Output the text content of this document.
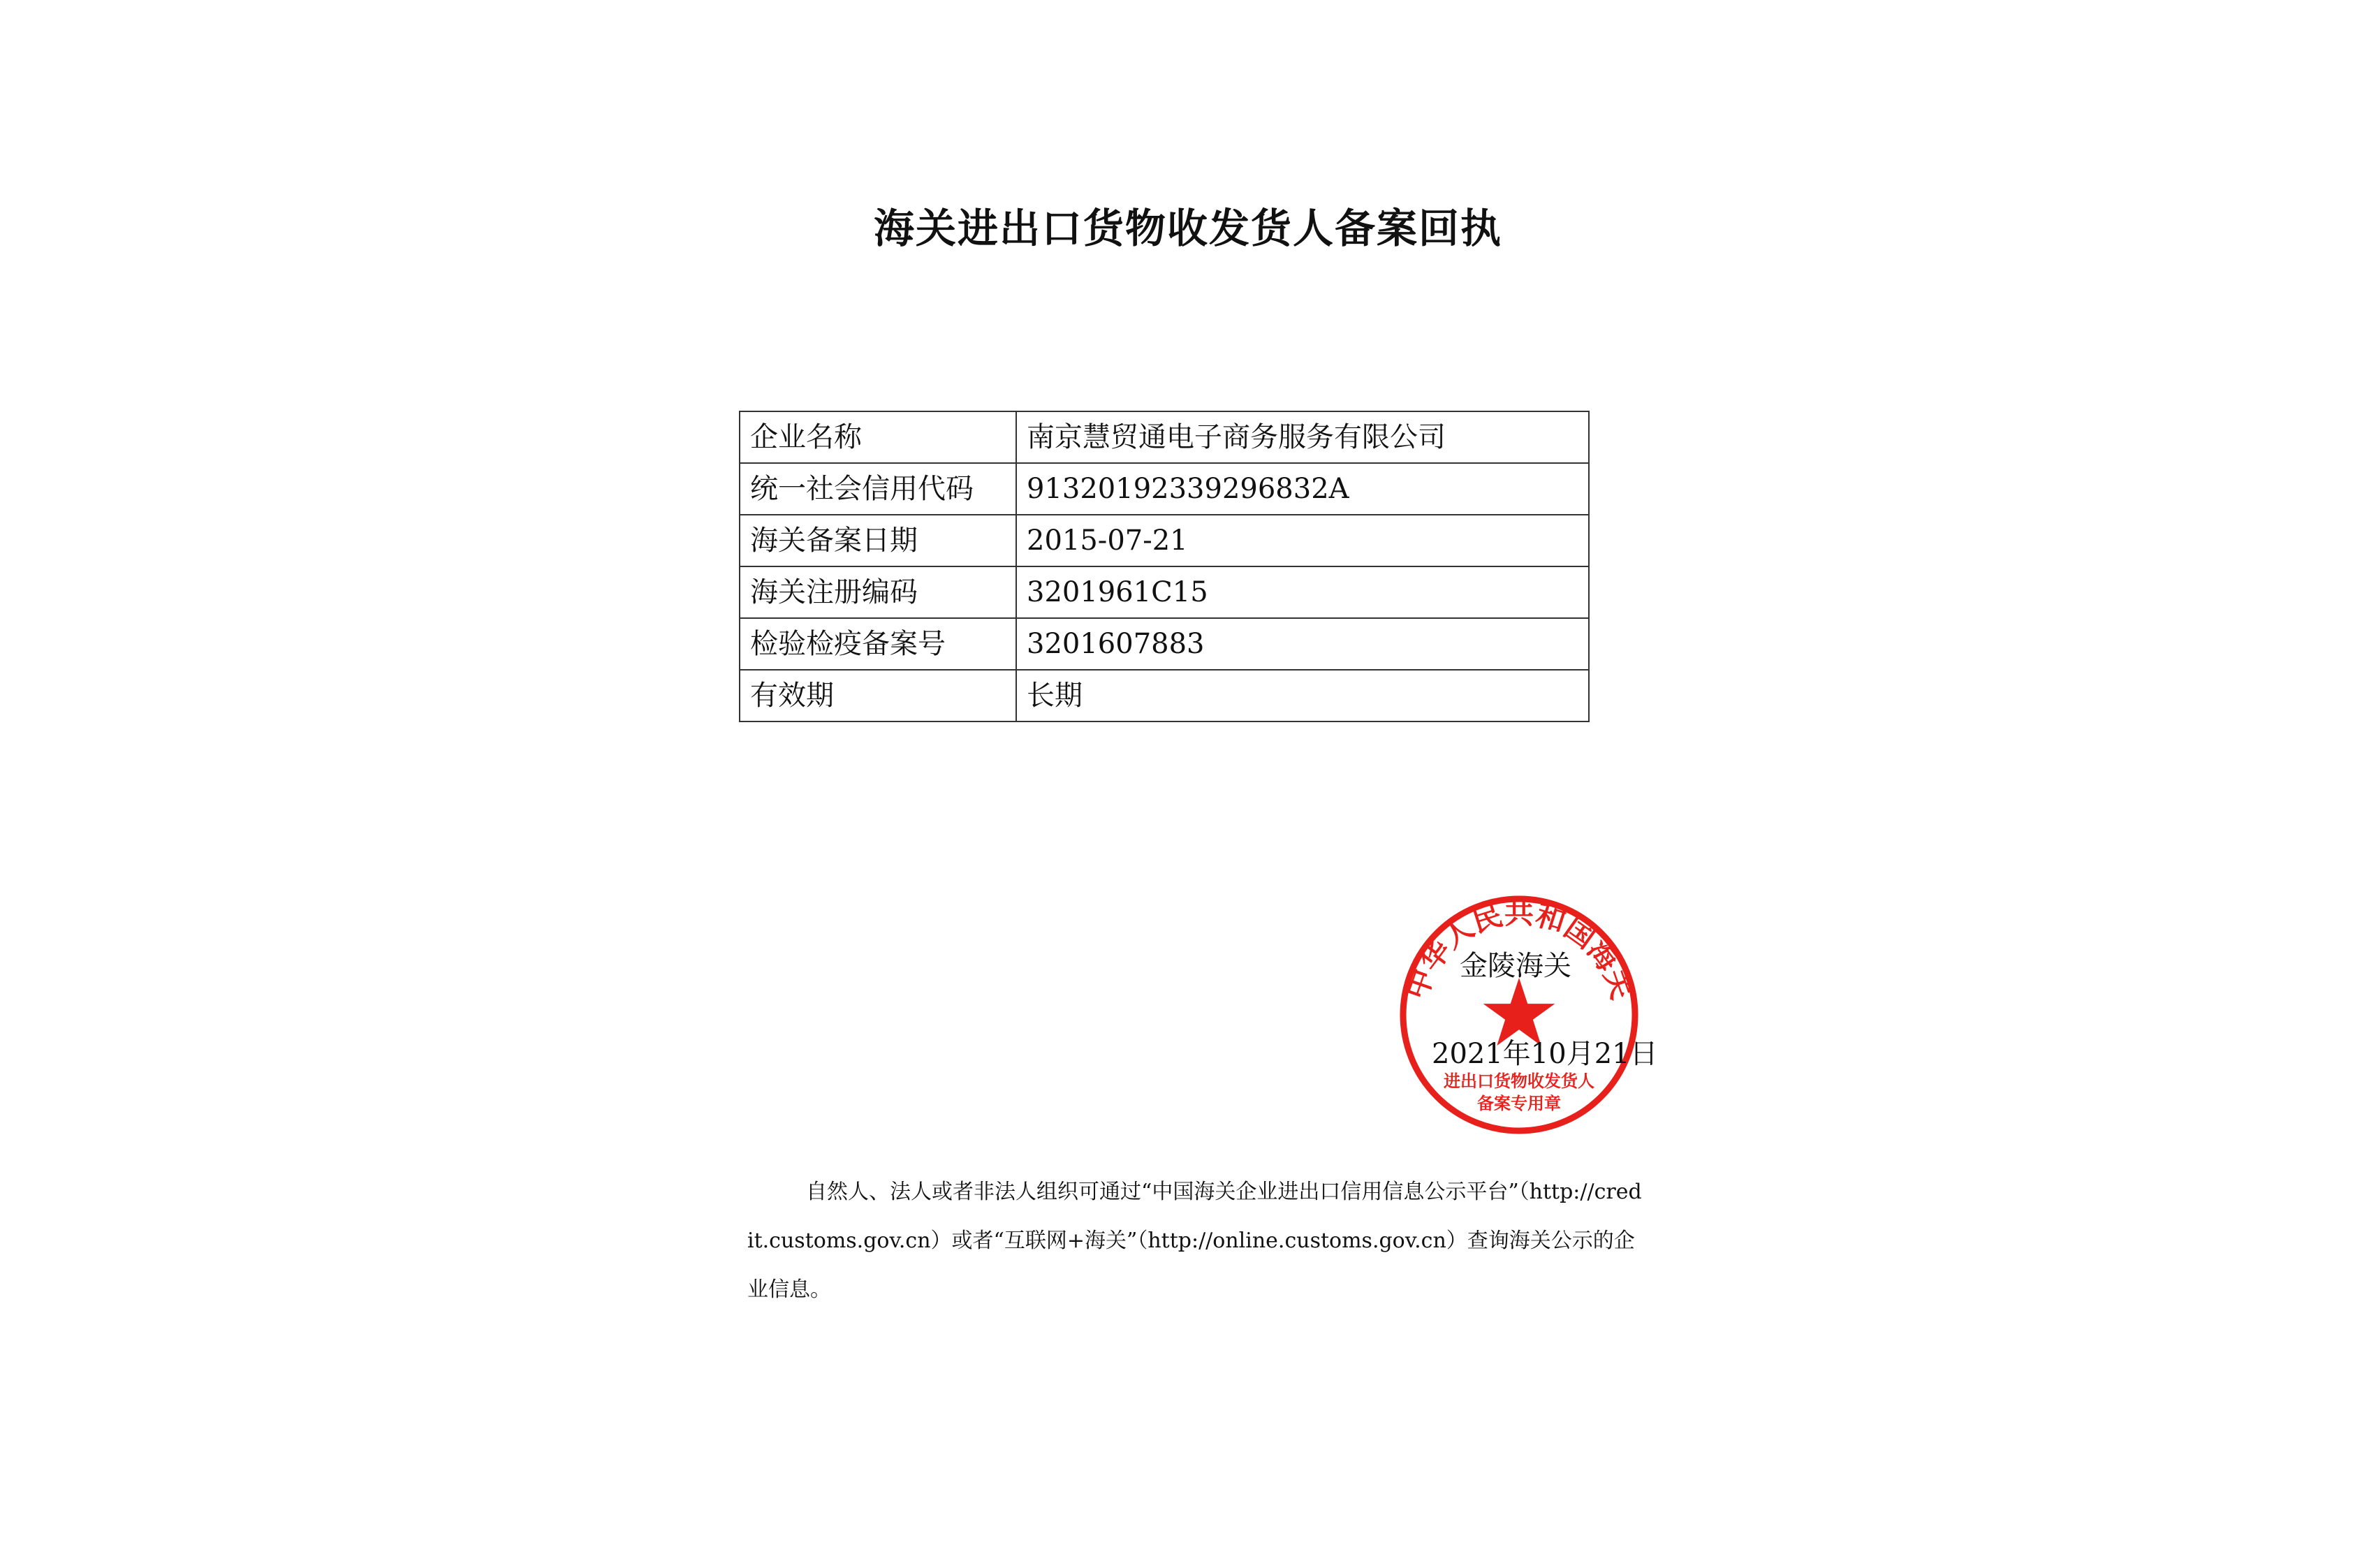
海关进出口货物收发货人备案回执
企业名称	南京慧贸通电子商务服务有限公司
统一社会信用代码	91320192339296832A
海关备案日期	2015-07-21
海关注册编码	3201961C15
检验检疫备案号	3201607883
有效期	长期
中华人民共和国海关
进出口货物收发货人
备案专用章
金陵海关
2021年10月21日

自然人、法人或者非法人组织可通过“中国海关企业进出口信用信息公示平台”（http://credit.customs.gov.cn）或者“互联网+海关”（http://online.customs.gov.cn）查询海关公示的企业信息。
